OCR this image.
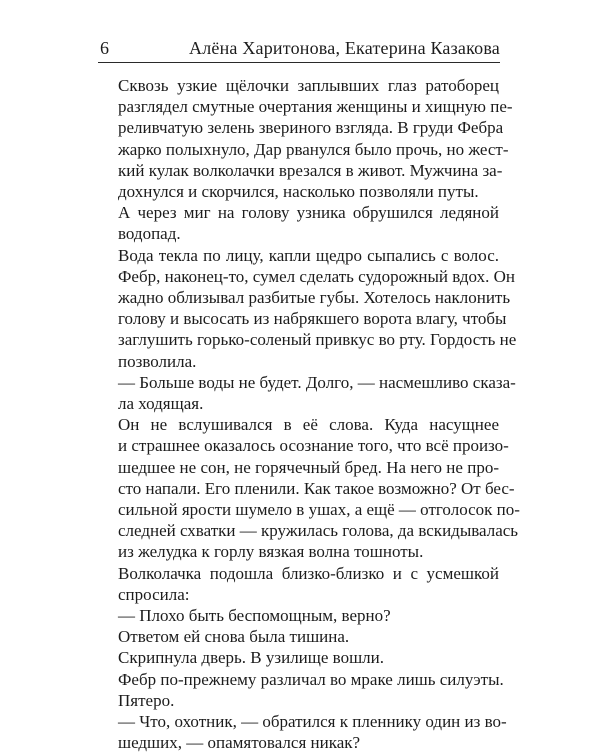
6	Алёна Харитонова, Екатерина Казакова

Сквозь узкие щёлочки заплывших глаз ратоборец
разглядел смутные очертания женщины и хищную пе-
реливчатую зелень звериного взгляда. В груди Фебра
жарко полыхнуло, Дар рванулся было прочь, но жест-
кий кулак волколачки врезался в живот. Мужчина за-
дохнулся и скорчился, насколько позволяли путы.

А через миг на голову узника обрушился ледяной
водопад.

Вода текла по лицу, капли щедро сыпались с волос.
Фебр, наконец-то, сумел сделать судорожный вдох. Он
жадно облизывал разбитые губы. Хотелось наклонить
голову и высосать из набрякшего ворота влагу, чтобы
заглушить горько-соленый привкус во рту. Гордость не
позволила.

— Больше воды не будет. Долго, — насмешливо сказа-
ла ходящая.

Он не вслушивался в её слова. Куда насущнее
и страшнее оказалось осознание того, что всё произо-
шедшее не сон, не горячечный бред. На него не про-
сто напали. Его пленили. Как такое возможно? От бес-
сильной ярости шумело в ушах, а ещё — отголосок по-
следней схватки — кружилась голова, да вскидывалась
из желудка к горлу вязкая волна тошноты.

Волколачка подошла близко-близко и с усмешкой
спросила:

— Плохо быть беспомощным, верно?

Ответом ей снова была тишина.

Скрипнула дверь. В узилище вошли.

Фебр по-прежнему различал во мраке лишь силуэты.
Пятеро.

— Что, охотник, — обратился к пленнику один из во-
шедших, — опамятовался никак?
